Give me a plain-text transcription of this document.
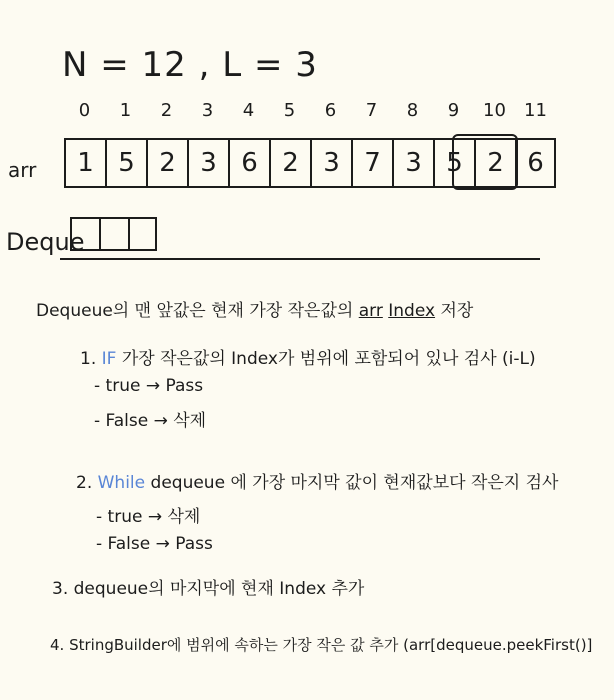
N = 12 , L = 3
arr	1
0
5
1
2
2
3
3
6
4
2
5
3
6
7
7
3
8
5
9
2
10
6
11
Deque
Dequeue의 맨 앞값은 현재 가장 작은값의 arr Index 저장
1. IF 가장 작은값의 Index가 범위에 포함되어 있나 검사 (i-L)
- true → Pass
- False → 삭제
2. While dequeue 에 가장 마지막 값이 현재값보다 작은지 검사
- true → 삭제
- False → Pass
3. dequeue의 마지막에 현재 Index 추가
4. StringBuilder에 범위에 속하는 가장 작은 값 추가 (arr[dequeue.peekFirst()]
